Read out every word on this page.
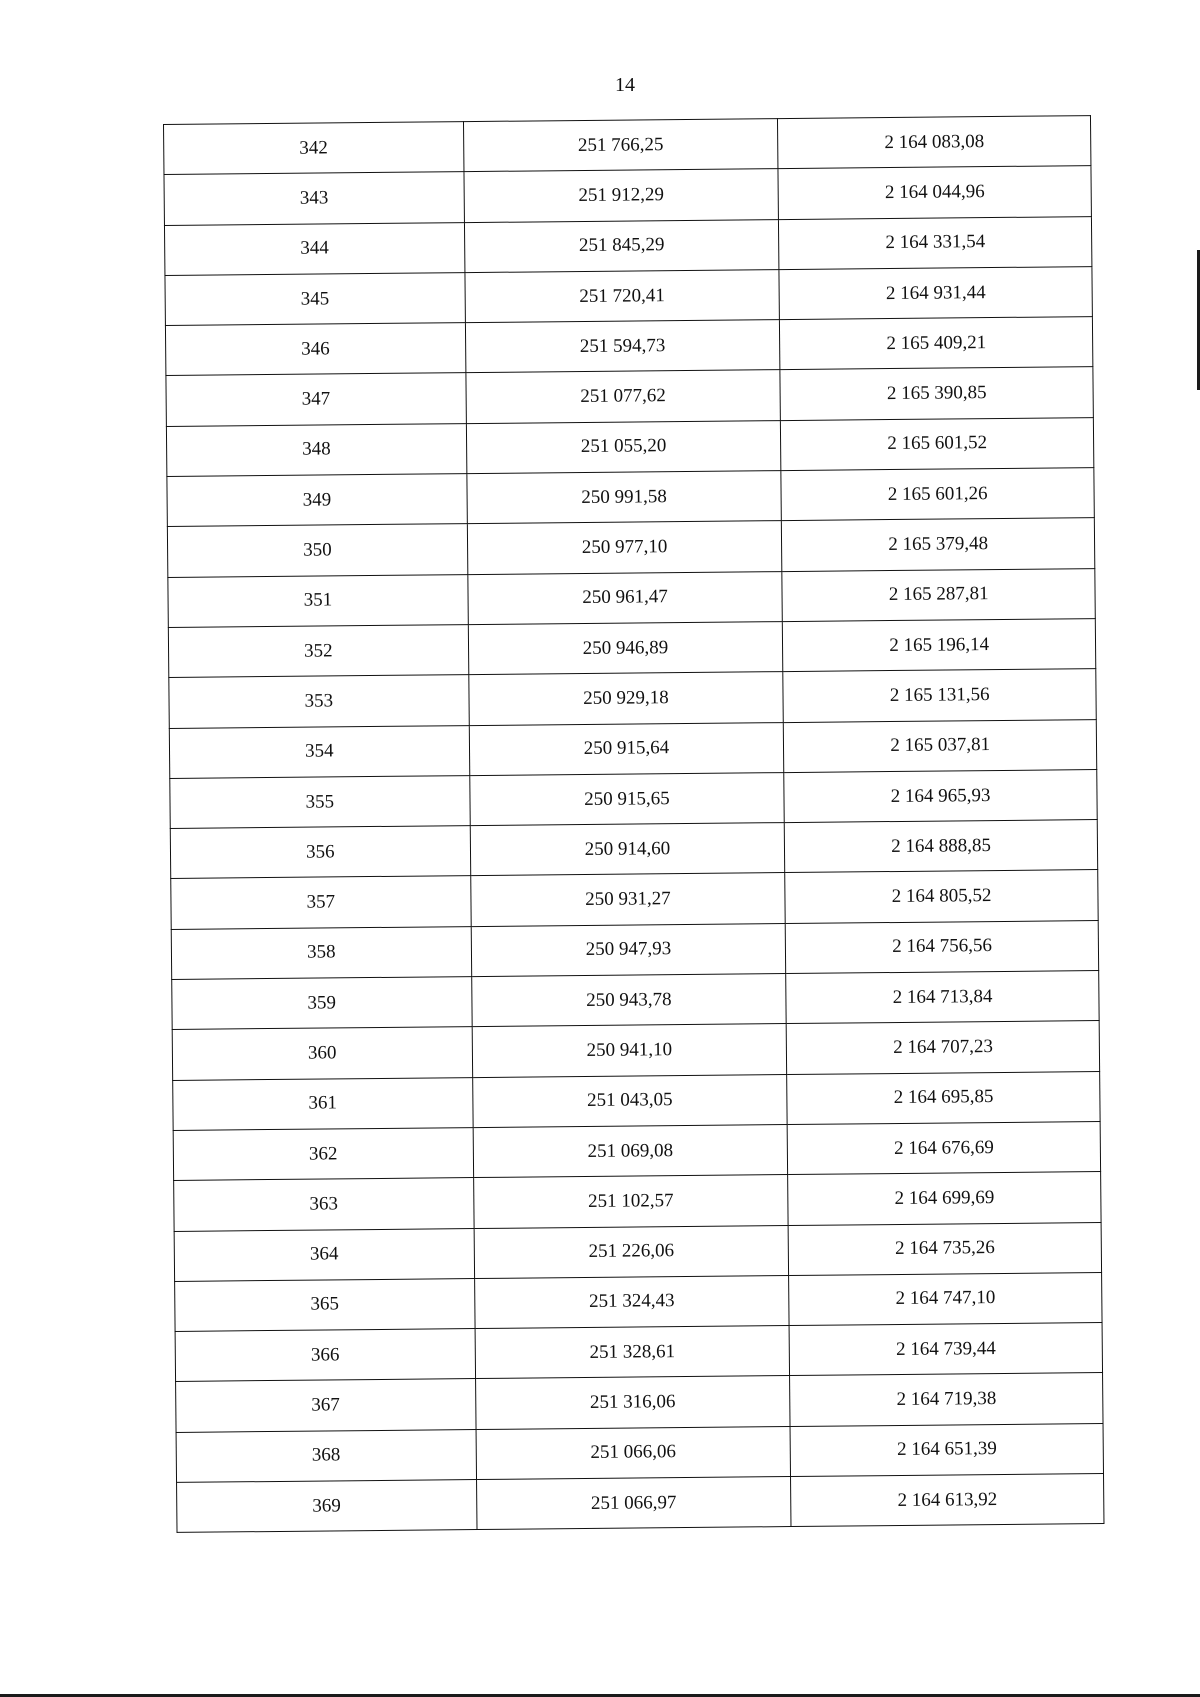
14
342	251 766,25	2 164 083,08
343	251 912,29	2 164 044,96
344	251 845,29	2 164 331,54
345	251 720,41	2 164 931,44
346	251 594,73	2 165 409,21
347	251 077,62	2 165 390,85
348	251 055,20	2 165 601,52
349	250 991,58	2 165 601,26
350	250 977,10	2 165 379,48
351	250 961,47	2 165 287,81
352	250 946,89	2 165 196,14
353	250 929,18	2 165 131,56
354	250 915,64	2 165 037,81
355	250 915,65	2 164 965,93
356	250 914,60	2 164 888,85
357	250 931,27	2 164 805,52
358	250 947,93	2 164 756,56
359	250 943,78	2 164 713,84
360	250 941,10	2 164 707,23
361	251 043,05	2 164 695,85
362	251 069,08	2 164 676,69
363	251 102,57	2 164 699,69
364	251 226,06	2 164 735,26
365	251 324,43	2 164 747,10
366	251 328,61	2 164 739,44
367	251 316,06	2 164 719,38
368	251 066,06	2 164 651,39
369	251 066,97	2 164 613,92
